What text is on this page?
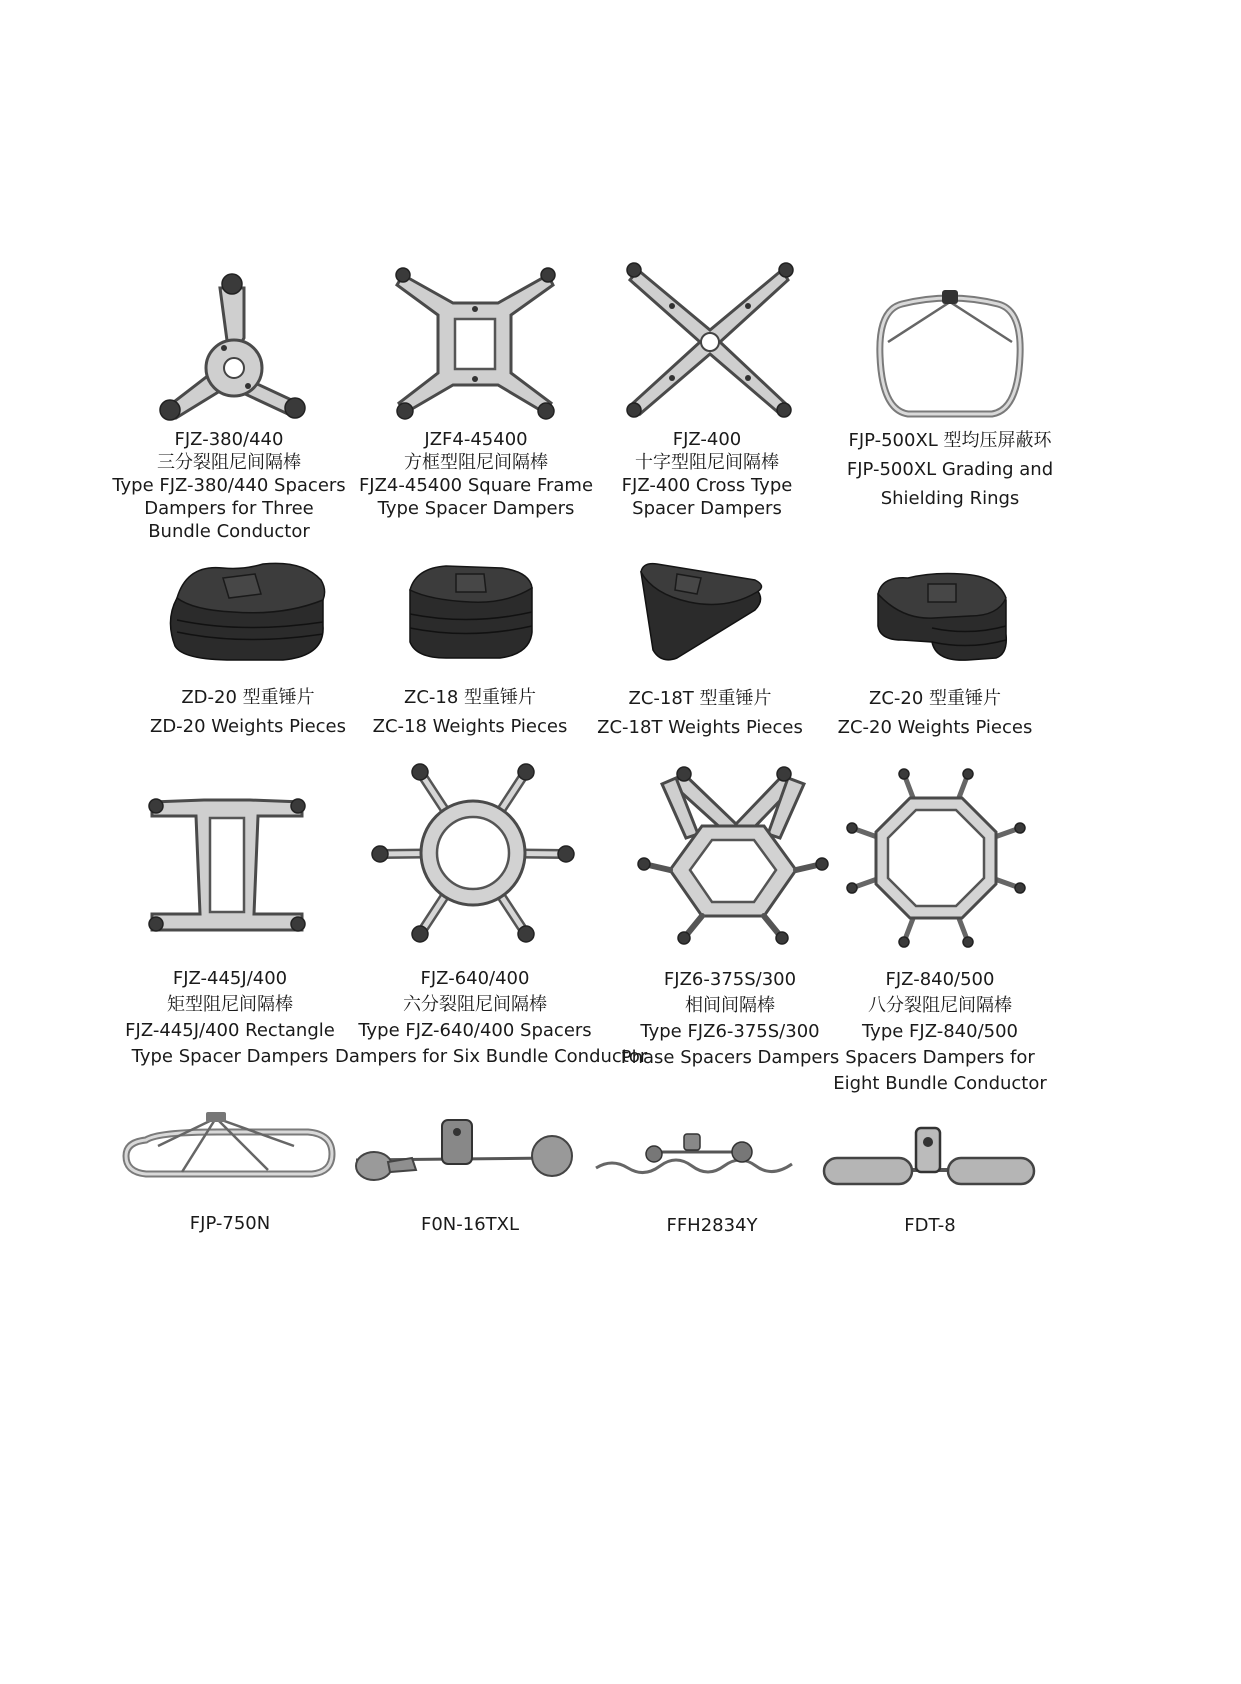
FJZ-380/440
三分裂阻尼间隔棒
Type FJZ-380/440 Spacers
Dampers for Three
Bundle Conductor
JZF4-45400
方框型阻尼间隔棒
FJZ4-45400 Square Frame
Type Spacer Dampers
FJZ-400
十字型阻尼间隔棒
FJZ-400 Cross Type
Spacer Dampers
FJP-500XL 型均压屏蔽环
FJP-500XL Grading and
Shielding Rings
ZD-20 型重锤片
ZD-20 Weights Pieces
ZC-18 型重锤片
ZC-18 Weights Pieces
ZC-18T 型重锤片
ZC-18T Weights Pieces
ZC-20 型重锤片
ZC-20 Weights Pieces
FJZ-445J/400
矩型阻尼间隔棒
FJZ-445J/400 Rectangle
Type Spacer Dampers
FJZ-640/400
六分裂阻尼间隔棒
Type FJZ-640/400 Spacers
Dampers for Six Bundle Conductor
FJZ6-375S/300
相间间隔棒
Type FJZ6-375S/300
Phase Spacers Dampers
FJZ-840/500
八分裂阻尼间隔棒
Type FJZ-840/500
Spacers Dampers for
Eight Bundle Conductor
FJP-750N	F0N-16TXL	FFH2834Y	FDT-8
